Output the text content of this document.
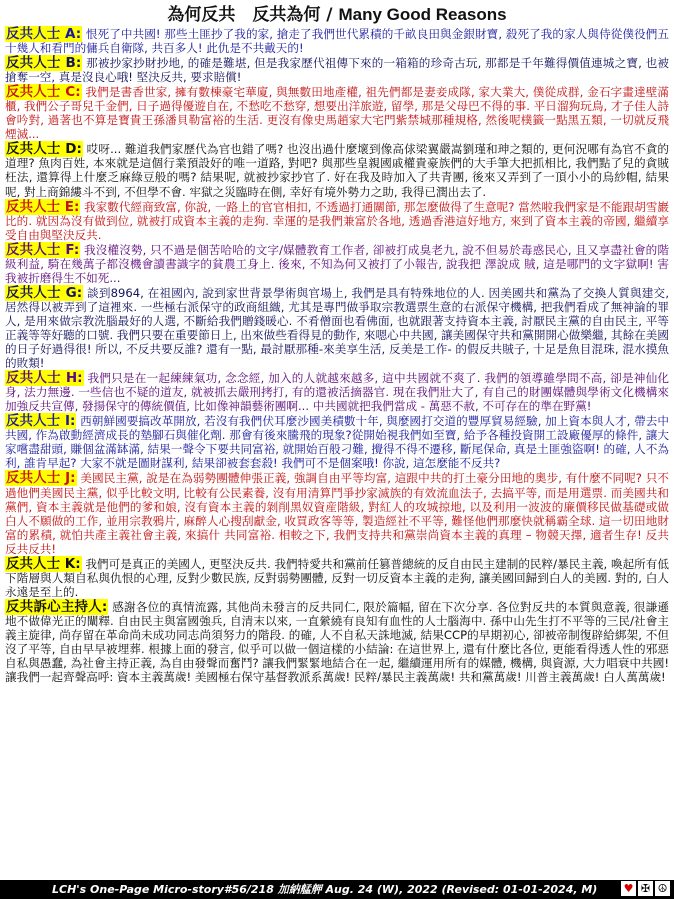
為何反共　反共為何 / Many Good Reasons

反共人士 A: 恨死了中共國! 那些土匪抄了我的家, 搶走了我們世代累積的千畝良田與金銀財寶, 殺死了我的家人與侍從僕役們五十幾人和看門的傭兵自衛隊, 共百多人! 此仇是不共戴天的!

反共人士 B: 那被抄家抄財抄地, 的確是難堪, 但是我家歷代祖傳下來的一箱箱的珍奇古玩, 那都是千年難得價值連城之寶, 也被搶奪一空, 真是沒良心哦! 堅決反共, 要求賠償!

反共人士 C: 我們是書香世家, 擁有數棟豪宅華廈, 與無數田地產權, 祖先們都是妻妾成隊, 家大業大, 僕從成群, 金石字畫達壁滿櫃, 我們公子哥兒千金們, 日子過得優遊自在, 不愁吃不愁穿, 想要出洋旅遊, 留學, 那是父母巴不得的事. 平日溜狗玩鳥, 才子佳人詩會吟對, 過著也不算是寶貴王孫潘貝勒富裕的生活. 更沒有像史馬趙家大宅門紫禁城那種規格, 然後呢樸籤一點黑五類, 一切就反飛煙滅...

反共人士 D: 哎呀... 難道我們家歷代為官也錯了嗎? 也沒出過什麼壞到像高俅梁翼嚴嵩劉瑾和珅之類的, 更何況哪有為官不貪的道理? 魚肉百姓, 本來就是這個行業預設好的唯一道路, 對吧? 與那些皇親國戚權貴豪族們的大手筆大把抓相比, 我們點了兒的貪賊枉法, 還算得上什麼乏麻綠豆般的嗎? 結果呢, 就被抄家抄官了. 好在我及時加入了共青團, 後來又弄到了一頂小小的烏紗帽, 結果呢, 對上商錦縷斗不到, 不但學不會. 牢獄之災臨時在側, 幸好有境外勢力之助, 我得已潤出去了.

反共人士 E: 我家數代經商致富, 你說, 一路上的官官相扣, 不透過打通關節, 那怎麼做得了生意呢? 當然啦我們家是不能跟胡雪巖比的. 就因為沒有做到位, 就被打成資本主義的走狗. 幸運的是我們兼富於各地, 透過香港這好地方, 來到了資本主義的帝國, 繼續享受自由與堅決反共.

反共人士 F: 我沒權沒勢, 只不過是個苦哈哈的文字/媒體教育工作者, 卻被打成臭老九, 說不但易於毒惑民心, 且又享盡社會的階級利益, 騎在幾萬子都沒機會讀書識字的貧農工身上. 後來, 不知為何又被打了小報告, 說我把 澤說成 賊, 這是哪門的文字獄啊! 害我被折磨得生不如死...

反共人士 G: 談到8964, 在祖國內, 說到家世背景學術與官場上, 我們是具有特殊地位的人. 因美國共和黨為了交換人質與建交, 居然得以被弄到了這裡來. 一些極右派保守的政商組織, 尤其是專門做爭取宗教選票生意的右派保守機構, 把我們看成了無神論的罪人, 是用來做宗教洗腦最好的人選, 不斷給我們贈錢暖心. 不肴僧面也看佛面, 也就跟著支持資本主義, 討厭民主黨的自由民主, 平等正義等等好聽的口號. 我們只要在重要節日上, 出來做些看得見的動作, 來嗯心中共國, 讓美國保守共和黨開開心做樂繼, 其餘在美國的日子好過得很! 所以, 不反共要反誰? 還有一點, 最討厭那種-來美享生活, 反美是工作- 的假反共賊子, 十足是魚目混珠, 混水摸魚的敗類!

反共人士 H: 我們只是在一起練練氣功, 念念經, 加入的人就越來越多, 這中共國就不爽了. 我們的領導雖學問不高, 卻是神仙化身, 法力無邊. 一些信也不疑的道友, 就被抓去嚴刑拷打, 有的還被活摘器官. 現在我們壯大了, 有自己的財團媒體與學術文化機構來加強反共宣傳, 發揚保守的傳統價值, 比如像神韻藝術團啊... 中共國就把我們當成 - 萬惡不赦, 不可存在的準在野黨!

反共人士 I: 西朝鮮國要搞改革開放, 若沒有我們伏耳麼沙國美積數十年, 與麼國打交道的豐厚貿易經驗, 加上資本與人才, 帶去中共國, 作為啟動經濟成長的墊腳石與催化劑. 那會有後來騰飛的現象?從開始視我們如至寶, 給予各種投資開工設廠優厚的條件, 讓大家嚐盡甜頭, 賺個盆滿缽滿, 結果一聲令下要共同富裕, 就開始百般刁難, 攪得不得不遷移, 斷尾保命, 真是土匪強盜啊! 的確, 人不為利, 誰肯早起? 大家不就是圖財謀利, 結果卻被套套殺! 我們可不是個案哦! 你說, 這怎麼能不反共?

反共人士 J: 美國民主黨, 說是在為弱勢團體伸張正義, 強調自由平等均富, 這跟中共的打土豪分田地的奧步, 有什麼不同呢? 只不過他們美國民主黨, 似乎比較文明, 比較有公民素養, 沒有用清算鬥爭抄家滅族的有效流血法子, 去搞平等, 而是用選票. 而美國共和黨們, 資本主義就是他們的爹和娘, 沒有資本主義的剝削黑奴資産階級, 對紅人的攻城掠地, 以及利用一波波的廉價移民做基礎或做白人不願做的工作, 並用宗教鴉片, 麻醉人心搜刮獻金, 收買政客等等, 製造經社不平等, 難怪他們那麼快就稱霸全球. 這一切田地財富的累積, 就怕共產主義社會主義, 來搞什 共同富裕. 相較之下, 我們支持共和黨崇尚資本主義的真理 – 物競天擇, 適者生存! 反共反共反共!

反共人士 K: 我們可是真正的美國人, 更堅決反共. 我們特愛共和黨前任篡普總統的反自由民主建制的民粹/暴民主義, 喚起所有低下階層與人類自私與仇恨的心理, 反對少數民族, 反對弱勢團體, 反對一切反資本主義的走狗, 讓美國回歸到白人的美國. 對的, 白人永遠是至上的.

反共訴心主持人: 感謝各位的真情流露, 其他尚未發言的反共同仁, 限於篇幅, 留在下次分享. 各位對反共的本質與意義, 很謙遜地不做偉光正的闡釋. 自由民主與富國強兵, 自清末以來, 一直縈繞有良知有血性的人士腦海中. 孫中山先生打不平等的三民/社會主義主旋律, 尚存留在革命尚未成功同志尚須努力的階段. 的確, 人不自私天誅地滅, 結果CCP的早期初心, 卻被帝制復辟給綁架, 不但沒了平等, 自由早早被埋葬. 根據上面的發言, 似乎可以做一個這樣的小結論: 在這世界上, 還有什麼比各位, 更能看得透人性的邪惡自私與愚蠢, 為社會主持正義, 為自由發聲而奮鬥? 讓我們緊緊地結合在一起, 繼續運用所有的媒體, 機構, 與資源, 大力唱衰中共國! 讓我們一起齊聲高呼: 資本主義萬歲! 美國極右保守基督教派系萬歲! 民粹/暴民主義萬歲! 共和黨萬歲! 川普主義萬歲! 白人萬萬歲!

LCH's One-Page Micro-story#56/218 加納艋舺 Aug. 24 (W), 2022 (Revised: 01-01-2024, M) ♥ ✠ ☮
